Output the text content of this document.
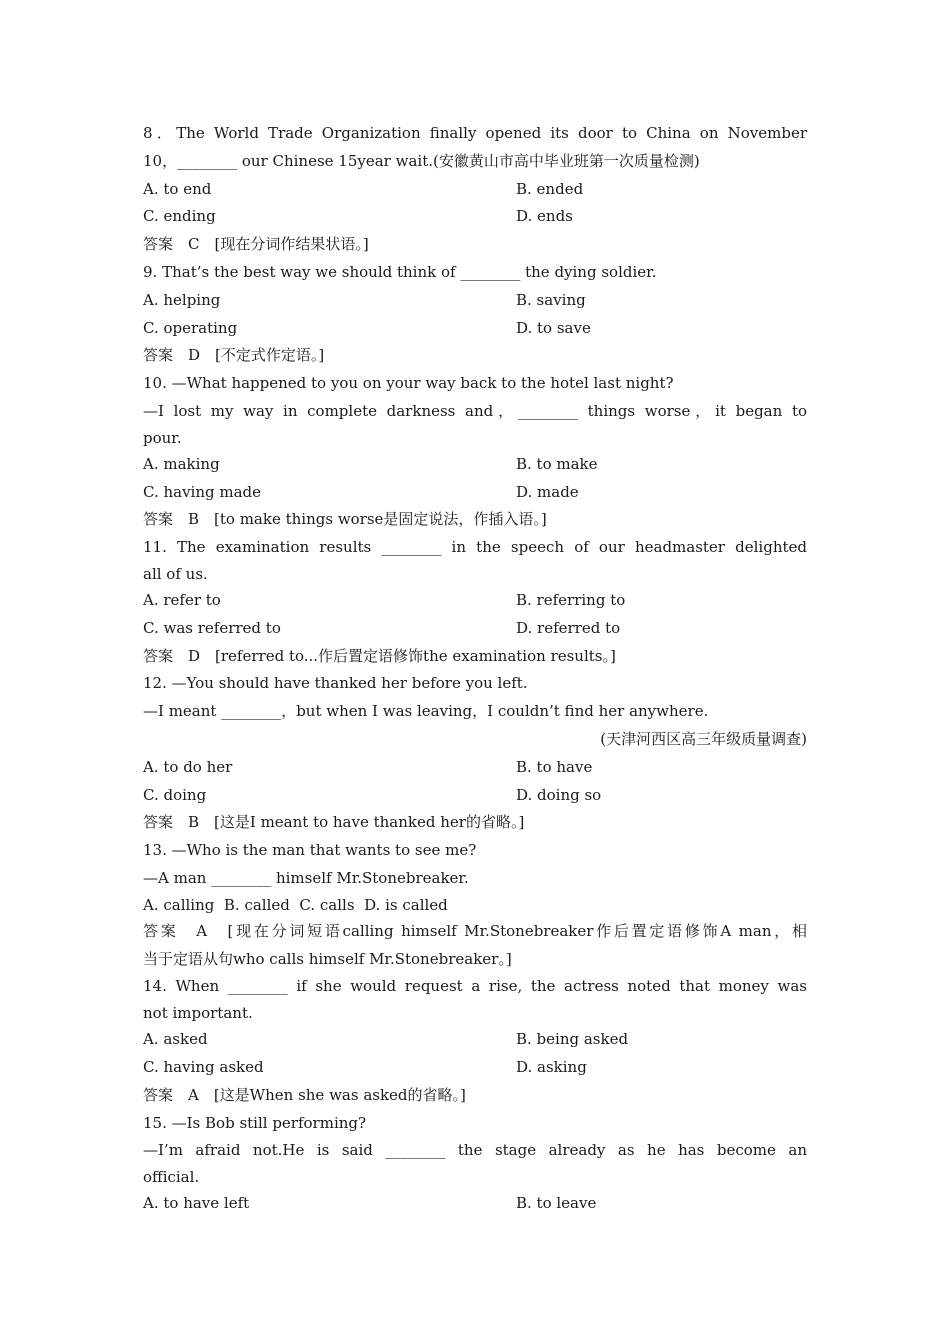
8．The World Trade Organization finally opened its door to China on November
10，________ our Chinese 15year wait.(安徽黄山市高中毕业班第一次质量检测)
A. to end	B. ended
C. ending	D. ends
答案　C　[现在分词作结果状语。]
9. That’s the best way we should think of ________ the dying soldier.
A. helping	B. saving
C. operating	D. to save
答案　D　[不定式作定语。]
10. —What happened to you on your way back to the hotel last night?
—I lost my way in complete darkness and，________ things worse，it began to
pour.
A. making	B. to make
C. having made	D. made
答案　B　[to make things worse是固定说法，作插入语。]
11. The examination results ________ in the speech of our headmaster delighted
all of us.
A. refer to	B. referring to
C. was referred to	D. referred to
答案　D　[referred to...作后置定语修饰the examination results。]
12. —You should have thanked her before you left.
—I meant ________，but when I was leaving，I couldn’t find her anywhere.
(天津河西区高三年级质量调查)
A. to do her	B. to have
C. doing	D. doing so
答案　B　[这是I meant to have thanked her的省略。]
13. —Who is the man that wants to see me?
—A man ________ himself Mr.Stonebreaker.
A. calling  B. called  C. calls  D. is called
答案　A　[现在分词短语calling himself Mr.Stonebreaker作后置定语修饰A man，相
当于定语从句who calls himself Mr.Stonebreaker。]
14. When ________ if she would request a rise, the actress noted that money was
not important.
A. asked	B. being asked
C. having asked	D. asking
答案　A　[这是When she was asked的省略。]
15. —Is Bob still performing?
—I’m afraid not.He is said ________ the stage already as he has become an
official.
A. to have left	B. to leave
